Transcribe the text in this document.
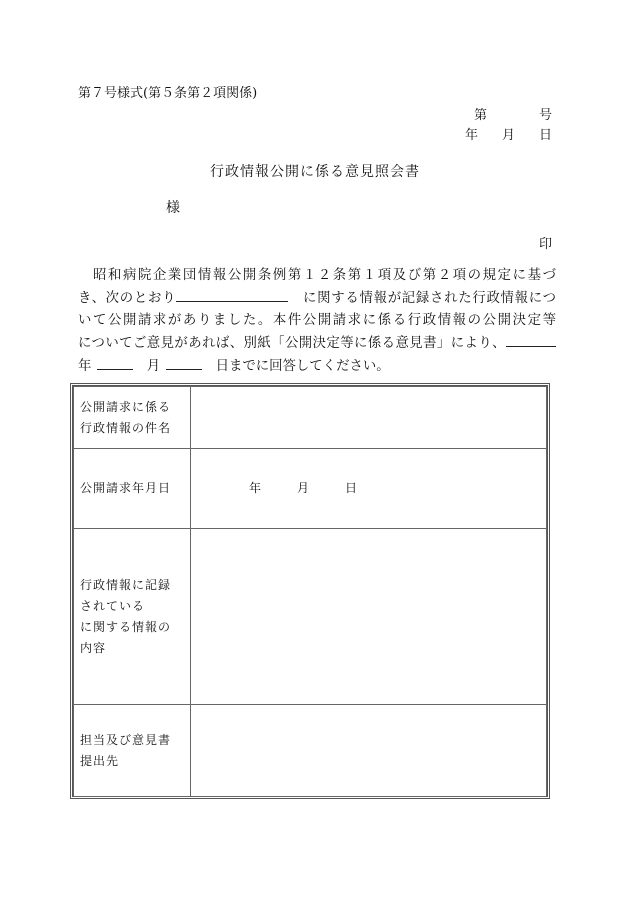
第７号様式(第５条第２項関係)
第	号
年 月 日
行政情報公開に係る意見照会書
様
印
　昭和病院企業団情報公開条例第１２条第１項及び第２項の規定に基づ
き、次のとおり　	に関する情報が記録された行政情報につ
いて公開請求がありました。本件公開請求に係る行政情報の公開決定等
についてご意見があれば、別紙「公開決定等に係る意見書」により、
年　	月　	日までに回答してください。
公開請求に係る
行政情報の件名	

公開請求年月日	年 月 日

行政情報に記録
されている
に関する情報の
内容	

担当及び意見書
提出先	
